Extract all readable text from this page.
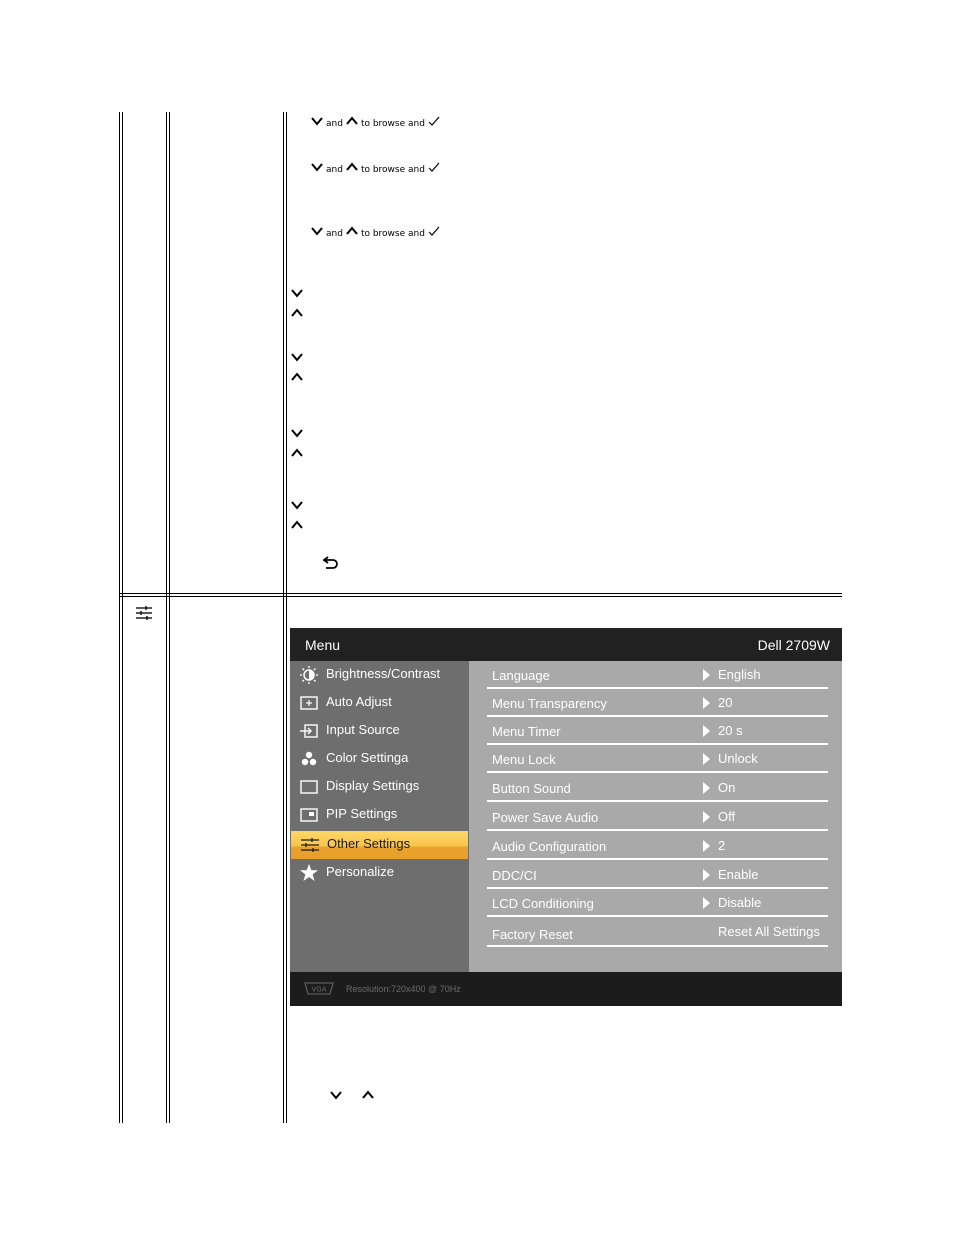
and to browse and
and to browse and
and to browse and
Menu	Dell 2709W
Brightness/Contrast
Auto Adjust
Input Source
Color Settinga
Display Settings
PIP Settings
Other Settings
Personalize
Language	English
Menu Transparency	20
Menu Timer	20 s
Menu Lock	Unlock
Button Sound	On
Power Save Audio	Off
Audio Configuration	2
DDC/CI	Enable
LCD Conditioning	Disable
Factory Reset	Reset All Settings
VGA Resolution:720x400 @ 70Hz
